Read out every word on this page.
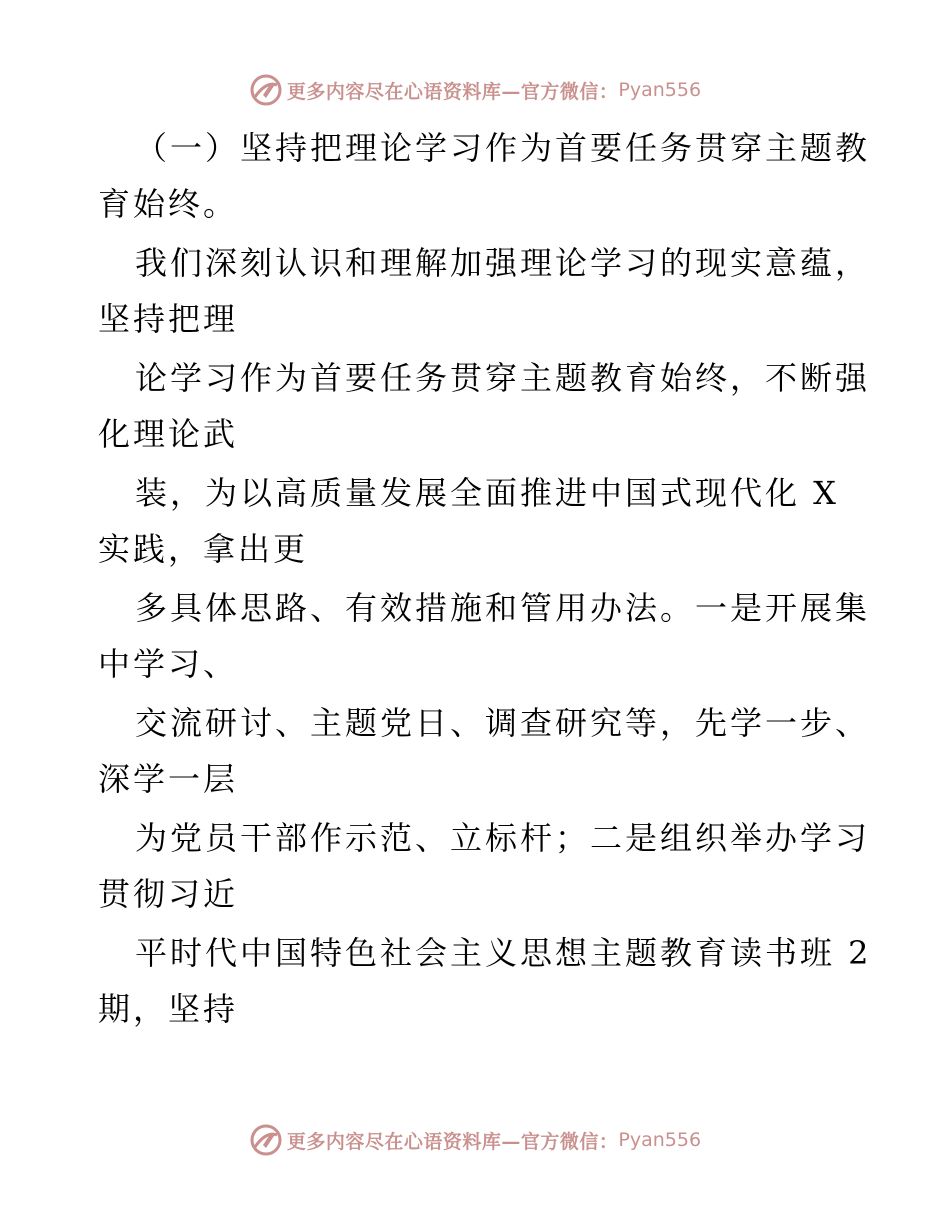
更多内容尽在心语资料库—官方微信： Pyan556
（一）坚持把理论学习作为首要任务贯穿主题教
育始终。
我们深刻认识和理解加强理论学习的现实意蕴，
坚持把理
论学习作为首要任务贯穿主题教育始终，不断强
化理论武
装，为以高质量发展全面推进中国式现代化 X
实践，拿出更
多具体思路、有效措施和管用办法。一是开展集
中学习、
交流研讨、主题党日、调查研究等，先学一步、
深学一层
为党员干部作示范、立标杆；二是组织举办学习
贯彻习近
平时代中国特色社会主义思想主题教育读书班 2
期，坚持
更多内容尽在心语资料库—官方微信： Pyan556
